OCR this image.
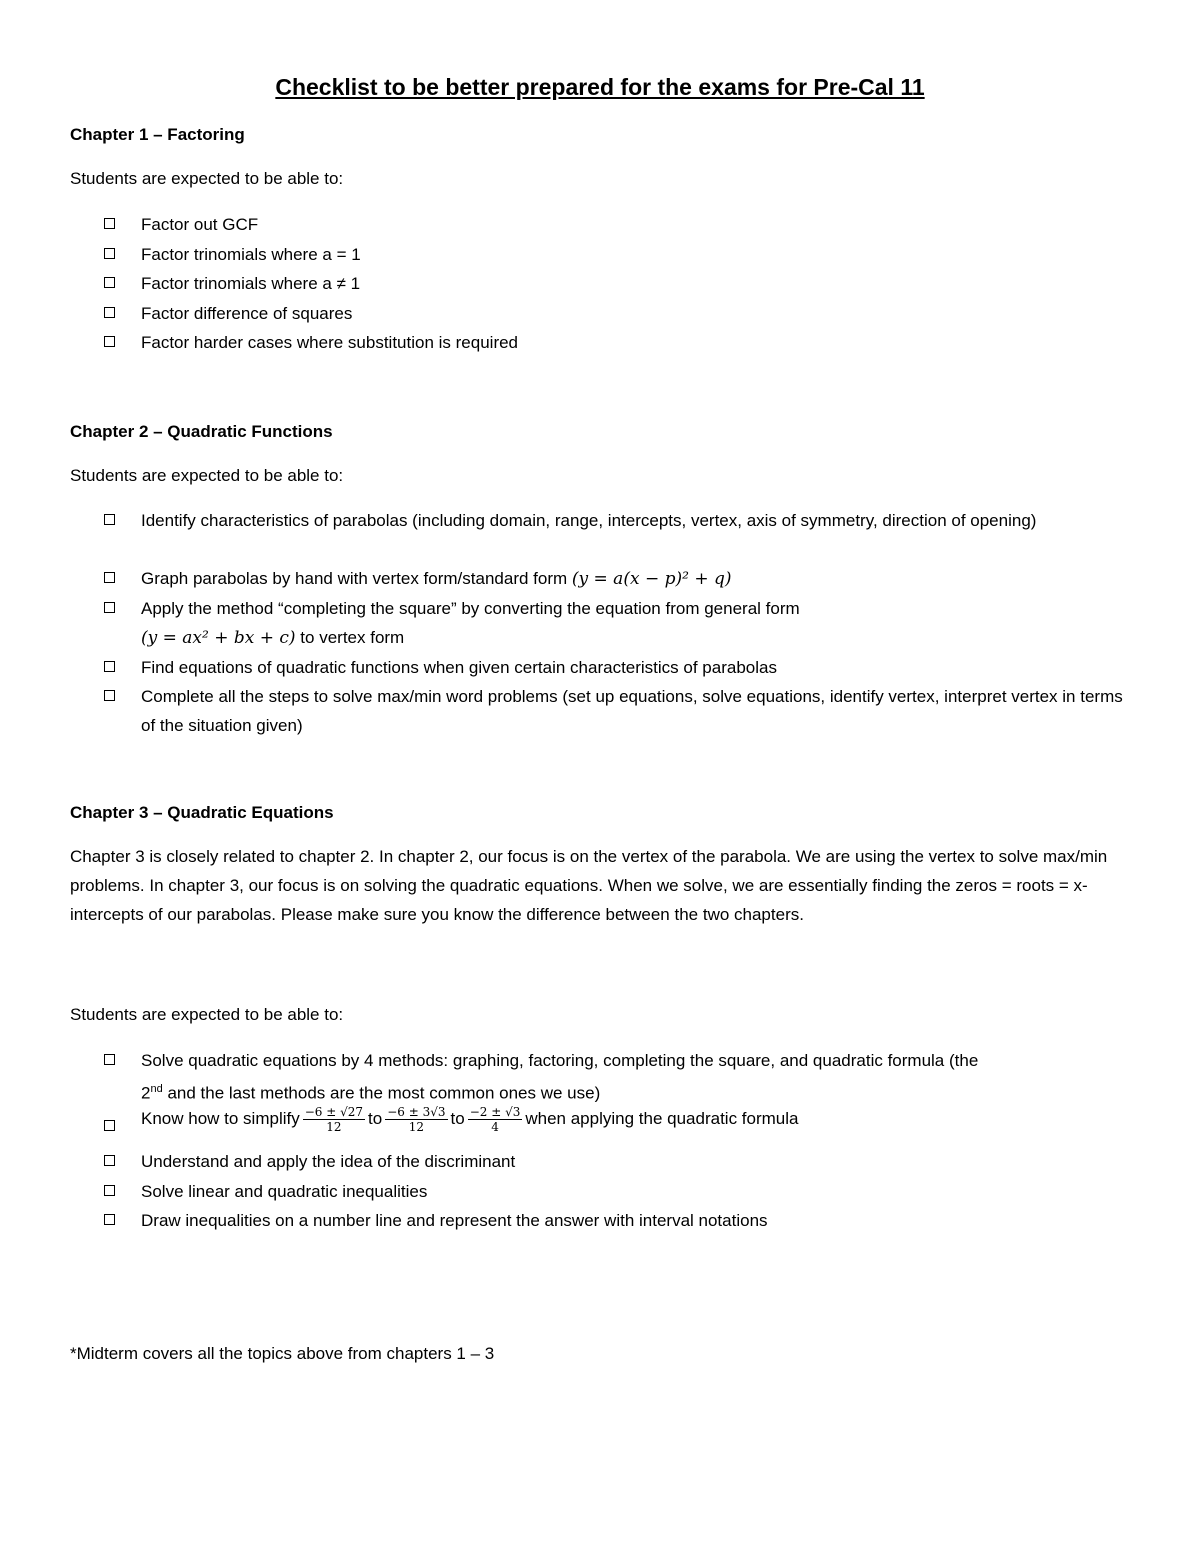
Checklist to be better prepared for the exams for Pre-Cal 11
Chapter 1 – Factoring
Students are expected to be able to:
Factor out GCF
Factor trinomials where a = 1
Factor trinomials where a ≠ 1
Factor difference of squares
Factor harder cases where substitution is required
Chapter 2 – Quadratic Functions
Students are expected to be able to:
Identify characteristics of parabolas (including domain, range, intercepts, vertex, axis of symmetry, direction of opening)
Graph parabolas by hand with vertex form/standard form (y = a(x − p)² + q)
Apply the method “completing the square” by converting the equation from general form
(y = ax² + bx + c) to vertex form
Find equations of quadratic functions when given certain characteristics of parabolas
Complete all the steps to solve max/min word problems (set up equations, solve equations, identify vertex, interpret vertex in terms of the situation given)
Chapter 3 – Quadratic Equations
Chapter 3 is closely related to chapter 2. In chapter 2, our focus is on the vertex of the parabola. We are using the vertex to solve max/min problems. In chapter 3, our focus is on solving the quadratic equations. When we solve, we are essentially finding the zeros = roots = x-intercepts of our parabolas. Please make sure you know the difference between the two chapters.
Students are expected to be able to:
Solve quadratic equations by 4 methods: graphing, factoring, completing the square, and quadratic formula (the
2nd and the last methods are the most common ones we use)
Know how to simplify $\frac{-6 \pm √27}{12}$ to $\frac{-6 \pm 3√3}{12}$ to $\frac{-2 \pm √3}{4}$ when applying the quadratic formula
Understand and apply the idea of the discriminant
Solve linear and quadratic inequalities
Draw inequalities on a number line and represent the answer with interval notations
*Midterm covers all the topics above from chapters 1 – 3
